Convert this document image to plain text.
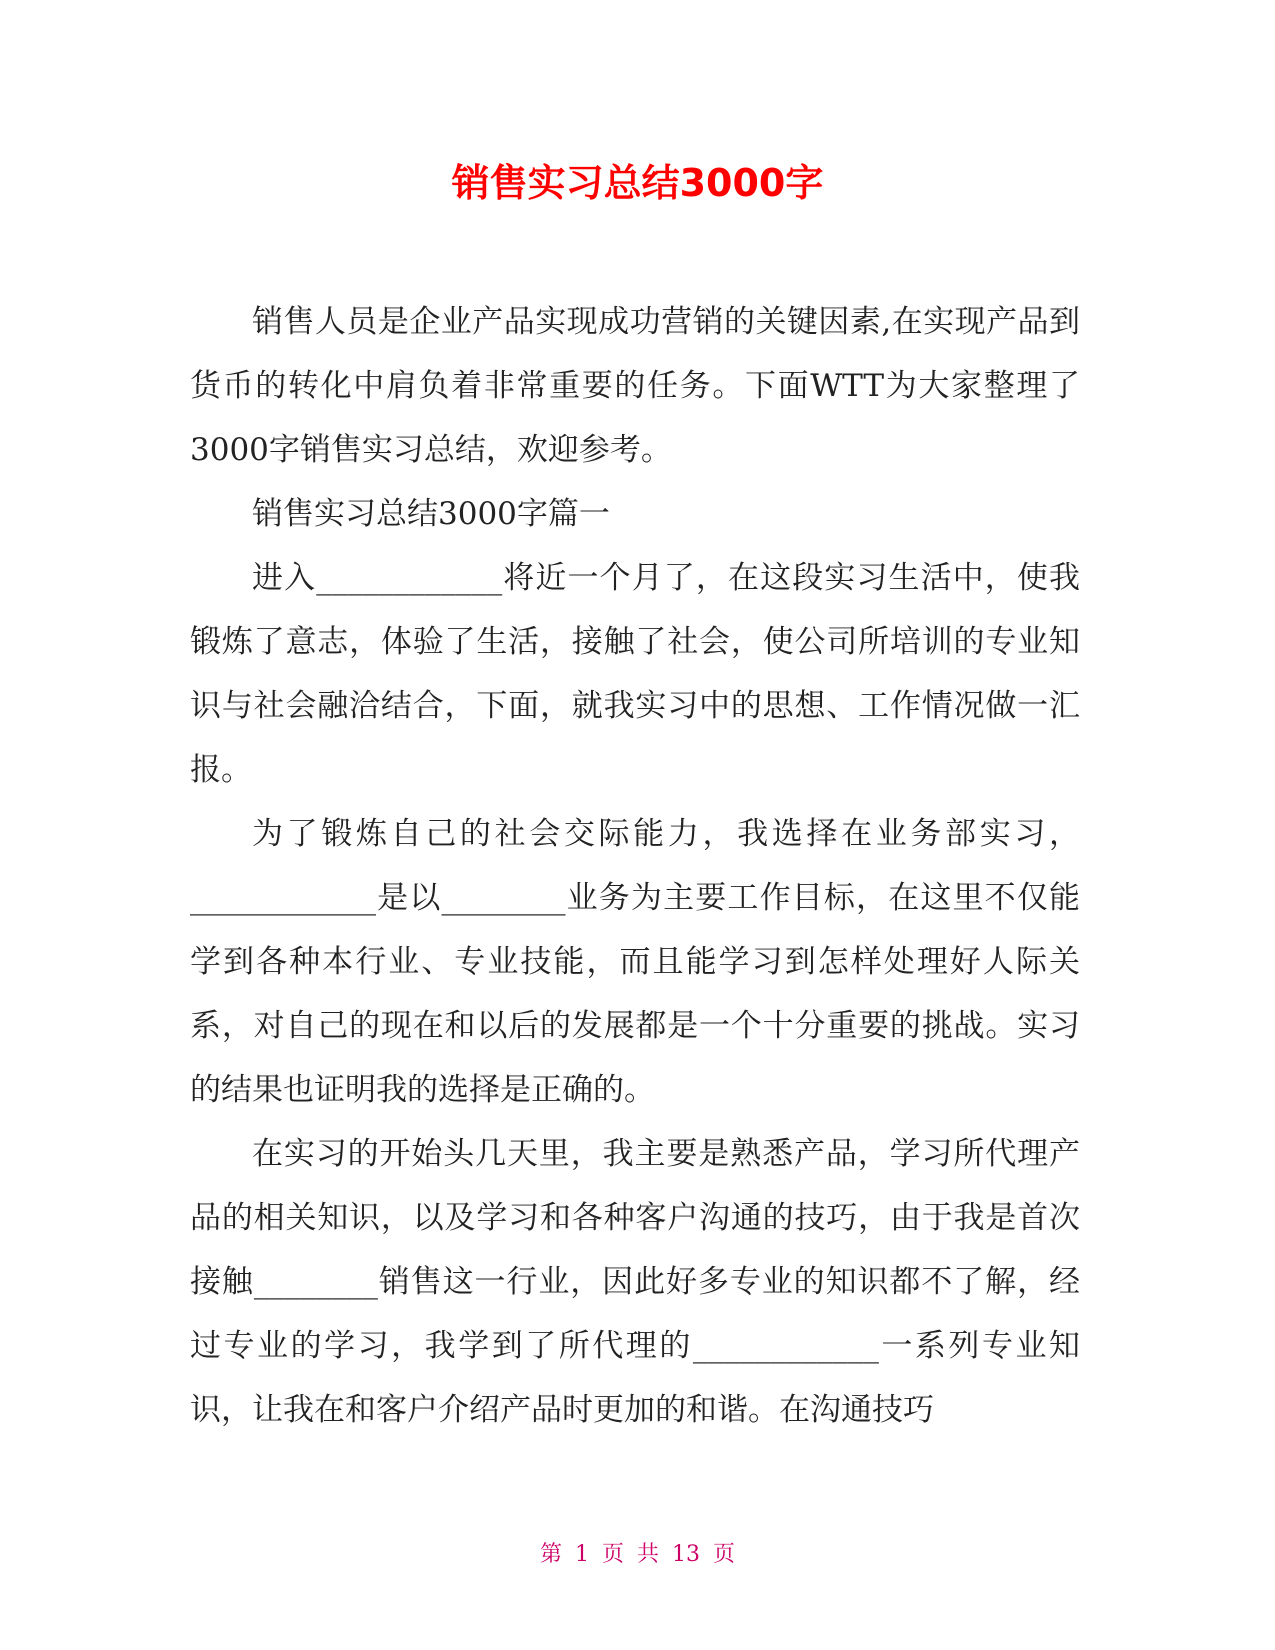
销售实习总结3000字

销售人员是企业产品实现成功营销的关键因素,在实现产品到货币的转化中肩负着非常重要的任务。下面WTT为大家整理了3000字销售实习总结，欢迎参考。

销售实习总结3000字篇一

进入____________将近一个月了，在这段实习生活中，使我锻炼了意志，体验了生活，接触了社会，使公司所培训的专业知识与社会融洽结合，下面，就我实习中的思想、工作情况做一汇报。

为了锻炼自己的社会交际能力，我选择在业务部实习，____________是以________业务为主要工作目标，在这里不仅能学到各种本行业、专业技能，而且能学习到怎样处理好人际关系，对自己的现在和以后的发展都是一个十分重要的挑战。实习的结果也证明我的选择是正确的。

在实习的开始头几天里，我主要是熟悉产品，学习所代理产品的相关知识，以及学习和各种客户沟通的技巧，由于我是首次接触________销售这一行业，因此好多专业的知识都不了解，经过专业的学习，我学到了所代理的____________一系列专业知识，让我在和客户介绍产品时更加的和谐。在沟通技巧

第 1 页 共 13 页
